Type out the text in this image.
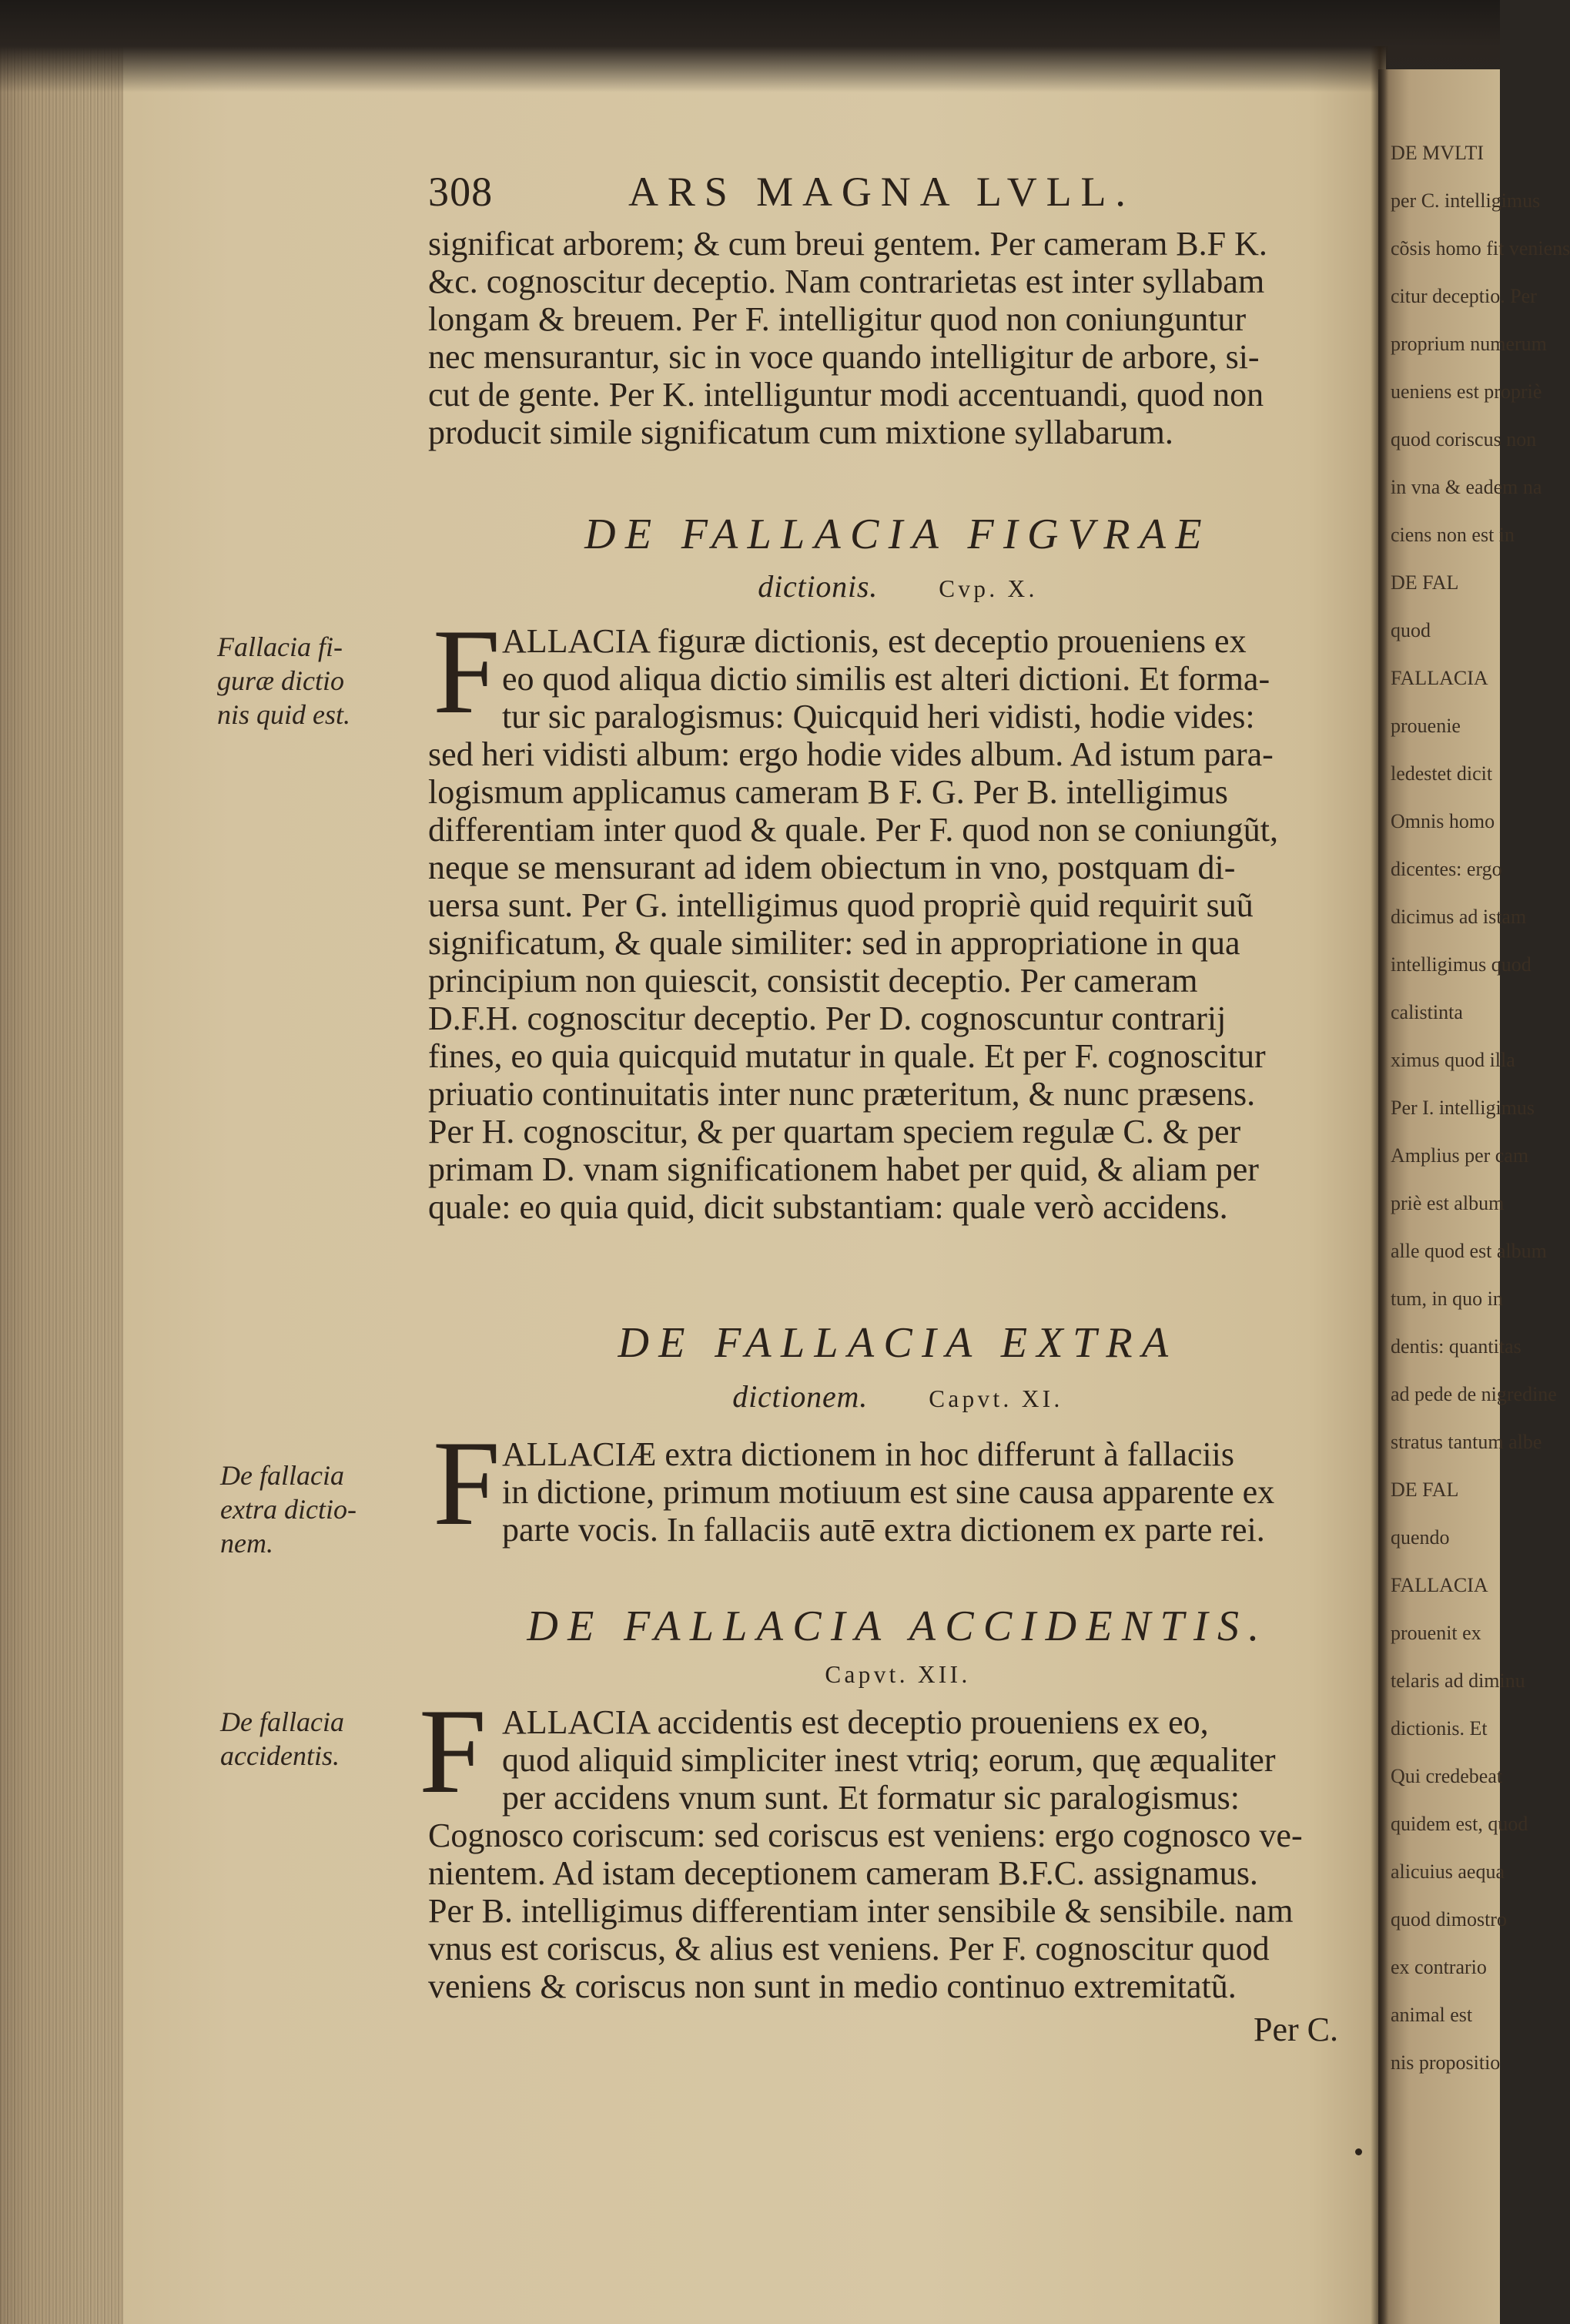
DE MVLTI
per C. intelligimus
cõsis homo fit veniens
citur deceptio. Per
proprium numerum
ueniens est propriè
quod coriscus non
in vna & eadem na
ciens non est in
DE FAL
quod
FALLACIA
prouenie
ledestet dicit
Omnis homo
dicentes: ergo
dicimus ad istam
intelligimus quod
calistinta
ximus quod illa
Per I. intelligimus
Amplius per cam
priè est album
alle quod est album
tum, in quo in
dentis: quantitas
ad pede de nigredine
stratus tantum albe
DE FAL
quendo
FALLACIA
prouenit ex
telaris ad diminu
dictionis. Et
Qui credebeat
quidem est, quod
alicuius aequa
quod dimostro
ex contrario
animal est
nis propositio
308	ARS MAGNA LVLL.
significat arborem; & cum breui gentem. Per cameram B.F K.
&c. cognoscitur deceptio. Nam contrarietas est inter syllabam
longam & breuem. Per F. intelligitur quod non coniunguntur
nec mensurantur, sic in voce quando intelligitur de arbore, si-
cut de gente. Per K. intelliguntur modi accentuandi, quod non
producit simile significatum cum mixtione syllabarum.
DE FALLACIA FIGVRAE
dictionis.	Cvp. X.
Fallacia fi-
guræ dictio
nis quid est. F ALLACIA figuræ dictionis, est deceptio proueniens ex
eo quod aliqua dictio similis est alteri dictioni. Et forma-
tur sic paralogismus: Quicquid heri vidisti, hodie vides:
sed heri vidisti album: ergo hodie vides album. Ad istum para-
logismum applicamus cameram B F. G. Per B. intelligimus
differentiam inter quod & quale. Per F. quod non se coniungũt,
neque se mensurant ad idem obiectum in vno, postquam di-
uersa sunt. Per G. intelligimus quod propriè quid requirit suũ
significatum, & quale similiter: sed in appropriatione in qua
principium non quiescit, consistit deceptio. Per cameram
D.F.H. cognoscitur deceptio. Per D. cognoscuntur contrarij
fines, eo quia quicquid mutatur in quale. Et per F. cognoscitur
priuatio continuitatis inter nunc præteritum, & nunc præsens.
Per H. cognoscitur, & per quartam speciem regulæ C. & per
primam D. vnam significationem habet per quid, & aliam per
quale: eo quia quid, dicit substantiam: quale verò accidens.
DE FALLACIA EXTRA
dictionem.	Capvt. XI.
De fallacia
extra dictio-
nem.	F ALLACIÆ extra dictionem in hoc differunt à fallaciis
in dictione, primum motiuum est sine causa apparente ex
parte vocis. In fallaciis autē extra dictionem ex parte rei.
DE FALLACIA ACCIDENTIS.
Capvt. XII.
De fallacia
accidentis. F ALLACIA accidentis est deceptio proueniens ex eo,
quod aliquid simpliciter inest vtriq; eorum, quę æqualiter
per accidens vnum sunt. Et formatur sic paralogismus:
Cognosco coriscum: sed coriscus est veniens: ergo cognosco ve-
nientem. Ad istam deceptionem cameram B.F.C. assignamus.
Per B. intelligimus differentiam inter sensibile & sensibile. nam
vnus est coriscus, & alius est veniens. Per F. cognoscitur quod
veniens & coriscus non sunt in medio continuo extremitatũ.
Per C.
